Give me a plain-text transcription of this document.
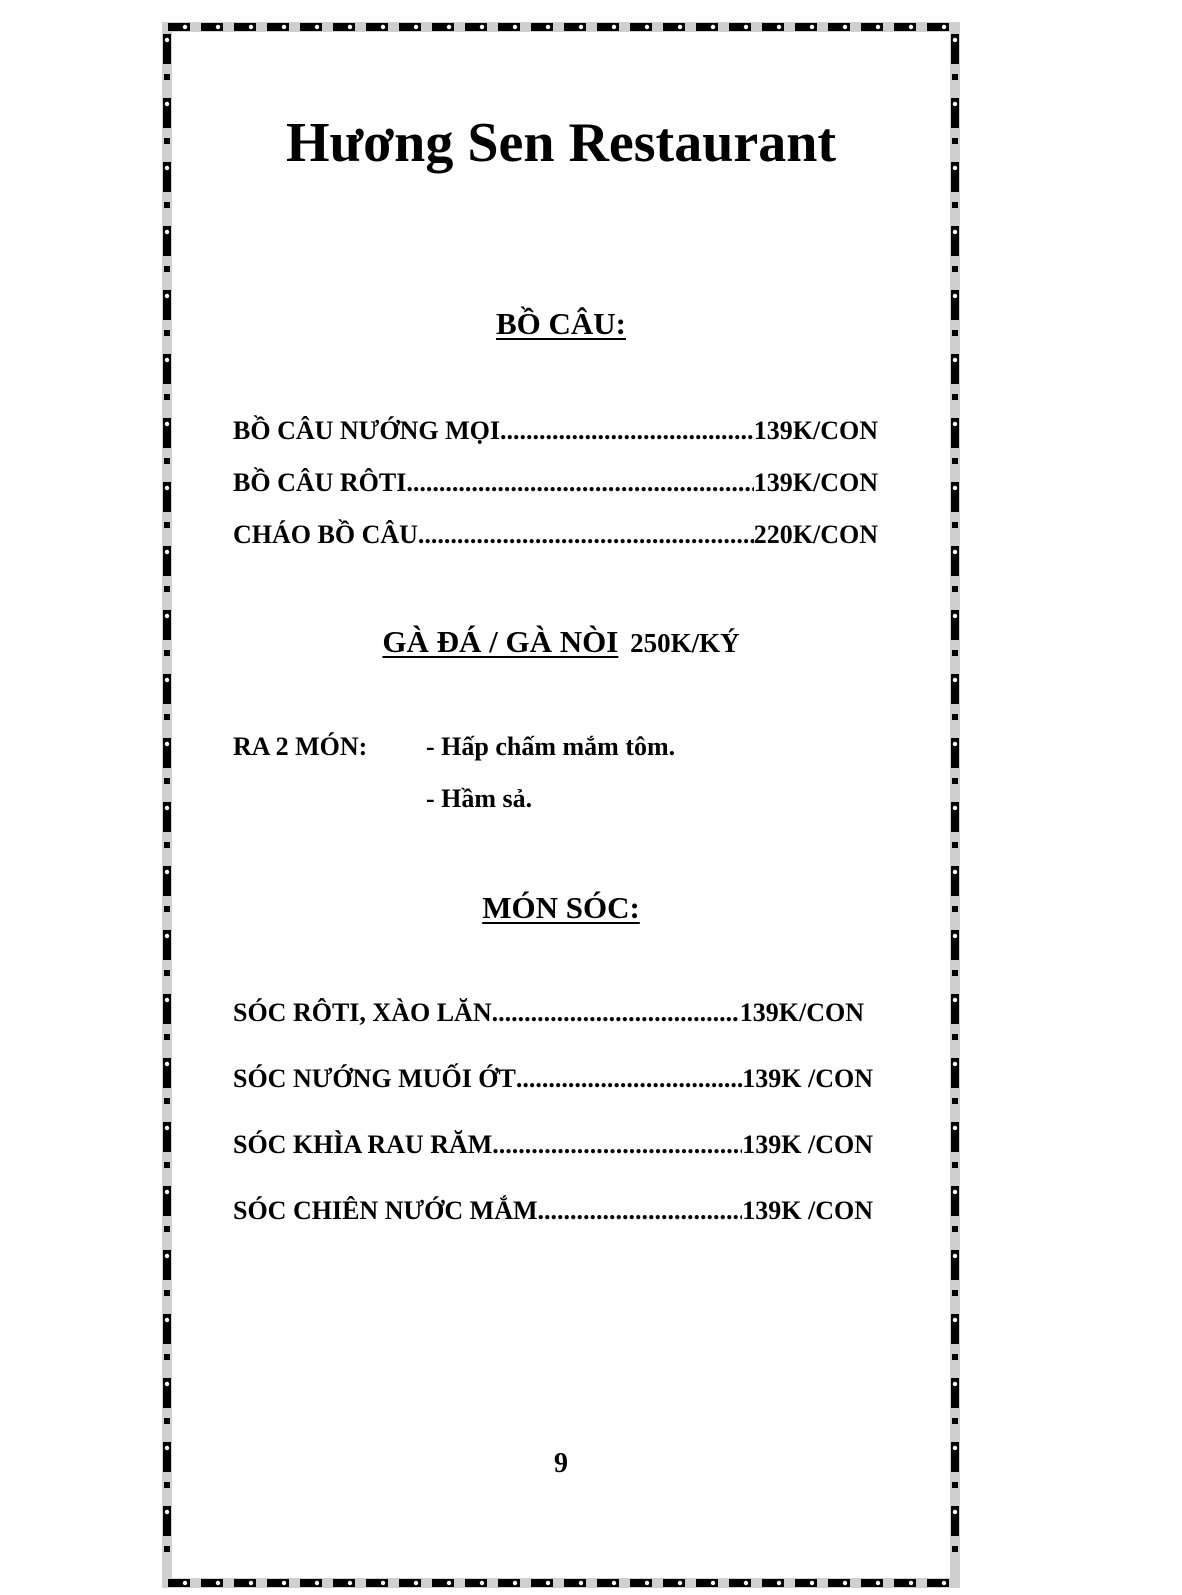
Hương Sen Restaurant
BỒ CÂU:
BỒ CÂU NƯỚNG MỌI .....	139K/CON
BỒ CÂU RÔTI .....	139K/CON
CHÁO BỒ CÂU .....	220K/CON
GÀ ĐÁ / GÀ NÒI 250K/KÝ
RA 2 MÓN: - Hấp chấm mắm tôm.
- Hầm sả.
MÓN SÓC:
SÓC RÔTI, XÀO LĂN .....	139K/CON
SÓC NƯỚNG MUỐI ỚT .....	139K /CON
SÓC KHÌA RAU RĂM .....	139K /CON
SÓC CHIÊN NƯỚC MẮM .....	139K /CON
9
